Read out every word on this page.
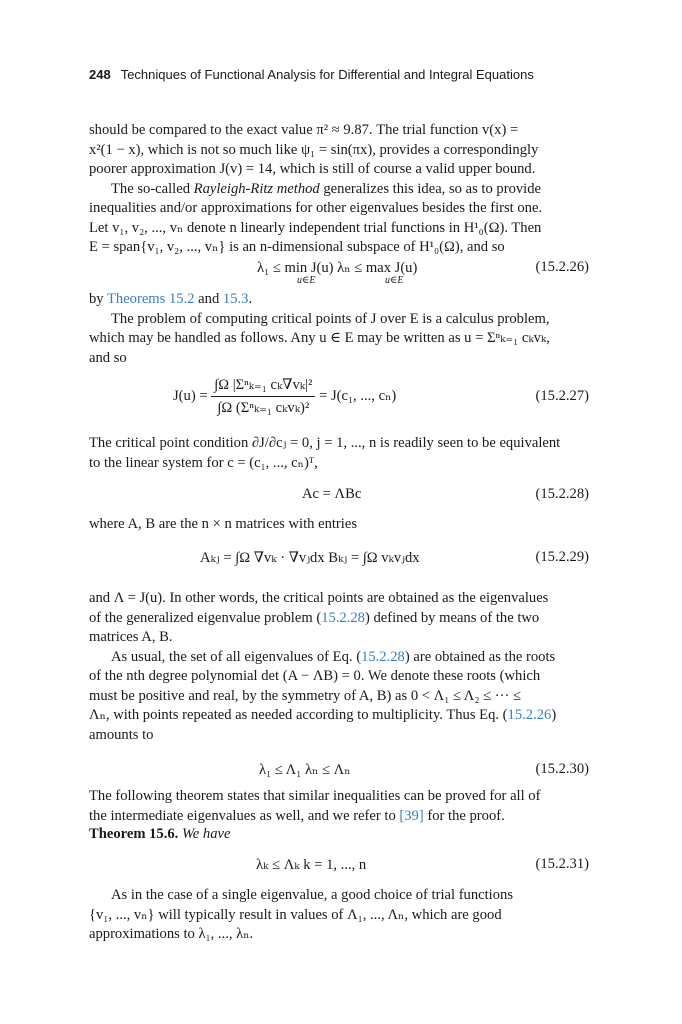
248 Techniques of Functional Analysis for Differential and Integral Equations

should be compared to the exact value π² ≈ 9.87. The trial function v(x) =

x²(1 − x), which is not so much like ψ₁ = sin(πx), provides a correspondingly

poorer approximation J(v) = 14, which is still of course a valid upper bound.

The so-called Rayleigh-Ritz method generalizes this idea, so as to provide

inequalities and/or approximations for other eigenvalues besides the first one.

Let v₁, v₂, ..., vₙ denote n linearly independent trial functions in H¹₀(Ω). Then

E = span{v₁, v₂, ..., vₙ} is an n-dimensional subspace of H¹₀(Ω), and so

λ₁ ≤ min J(u) λₙ ≤ max J(u)
u∈E	u∈E
(15.2.26)

by Theorems 15.2 and 15.3.

The problem of computing critical points of J over E is a calculus problem,

which may be handled as follows. Any u ∈ E may be written as u = Σⁿₖ₌₁ cₖvₖ,

and so

$J(u) = \frac{\text{∫Ω |Σⁿₖ₌₁ cₖ∇vₖ|²}}{\text{∫Ω (Σⁿₖ₌₁ cₖvₖ)²}} = J(c_1$, ..., cₙ)	(15.2.27)

The critical point condition ∂J/∂cⱼ = 0, j = 1, ..., n is readily seen to be equivalent

to the linear system for c = (c₁, ..., cₙ)ᵀ,

Ac = ΛBc	(15.2.28)

where A, B are the n × n matrices with entries

Aₖⱼ = ∫Ω ∇vₖ · ∇vⱼdx Bₖⱼ = ∫Ω vₖvⱼdx	(15.2.29)

and Λ = J(u). In other words, the critical points are obtained as the eigenvalues

of the generalized eigenvalue problem (15.2.28) defined by means of the two

matrices A, B.

As usual, the set of all eigenvalues of Eq. (15.2.28) are obtained as the roots

of the nth degree polynomial det (A − ΛB) = 0. We denote these roots (which

must be positive and real, by the symmetry of A, B) as 0 < Λ₁ ≤ Λ₂ ≤ ··· ≤

Λₙ, with points repeated as needed according to multiplicity. Thus Eq. (15.2.26)

amounts to

λ₁ ≤ Λ₁ λₙ ≤ Λₙ	(15.2.30)

The following theorem states that similar inequalities can be proved for all of

the intermediate eigenvalues as well, and we refer to [39] for the proof.

Theorem 15.6. We have

λₖ ≤ Λₖ k = 1, ..., n	(15.2.31)

As in the case of a single eigenvalue, a good choice of trial functions

{v₁, ..., vₙ} will typically result in values of Λ₁, ..., Λₙ, which are good

approximations to λ₁, ..., λₙ.
